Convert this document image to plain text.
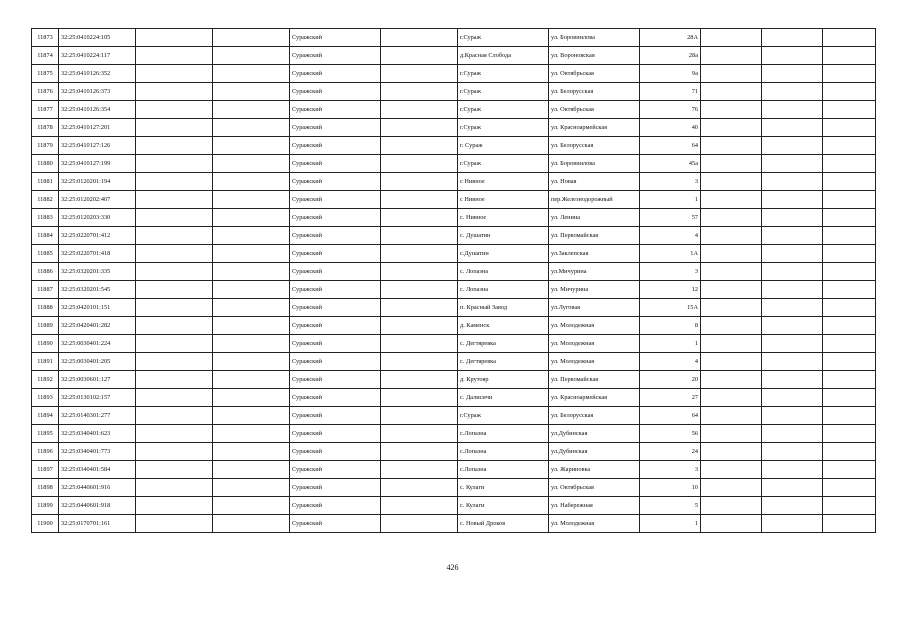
11873	32:25:0410224:105			Суражский		г.Сураж	ул. Боровинлова	28А			
11874	32:25:0410224:117			Суражский		д.Красная Слобода	ул. Вороновская	28а			
11875	32:25:0410126:352			Суражский		г.Сураж	ул. Октябрьская	9а			
11876	32:25:0410126:373			Суражский		г.Сураж	ул. Белорусская	71			
11877	32:25:0410126:354			Суражский		г.Сураж	ул. Октябрьская	76			
11878	32:25:0410127:201			Суражский		г.Сураж	ул. Красноармейская	40			
11879	32:25:0410127:126			Суражский		г. Сураж	ул. Белорусская	64			
11880	32:25:0410127:199			Суражский		г.Сураж	ул. Боровинлова	45а			
11881	32:25:0120201:194			Суражский		с Нивное	ул. Новая	3			
11882	32:25:0120202:407			Суражский		с Нивное	пер.Железнодорожный	1			
11883	32:25:0120203:330			Суражский		с. Нивное	ул. Ленина	57			
11884	32:25:0220701:412			Суражский		с. Душатин	ул. Первомайская	4			
11885	32:25:0220701:418			Суражский		с.Душатин	ул.Заклепская	1А			
11886	32:25:0320201:335			Суражский		с. Лопазна	ул.Мичурина	3			
11887	32:25:0320201:545			Суражский		с. Лопазна	ул. Мичурина	12			
11888	32:25:0420101:151			Суражский		п. Красный Завод	ул.Луговая	15А			
11889	32:25:0420401:282			Суражский		д. Каменск	ул. Молодежная	8			
11890	32:25:0030401:224			Суражский		с. Дегтяревка	ул. Молодежная	1			
11891	32:25:0030401:205			Суражский		с. Дегтяревка	ул. Молодежная	4			
11892	32:25:0030601:127			Суражский		д. Крутояр	ул. Первомайская	20			
11893	32:25:0130102:157			Суражский		с. Далисичи	ул. Красноармейская	27			
11894	32:25:0140301:277			Суражский		г.Сураж	ул. Белорусская	64			
11895	32:25:0340401:623			Суражский		с.Лопазна	ул.Дубинская	56			
11896	32:25:0340401:773			Суражский		с.Лопазна	ул.Дубинская	24			
11897	32:25:0340401:584			Суражский		с.Лопазна	ул. Жариновка	3			
11898	32:25:0440601:916			Суражский		с. Кулаги	ул. Октябрьская	10			
11899	32:25:0440601:918			Суражский		с. Кулаги	ул. Набережная	5			
11900	32:25:0170701:161			Суражский		с. Новый Дроков	ул. Молодежная	1			
426
